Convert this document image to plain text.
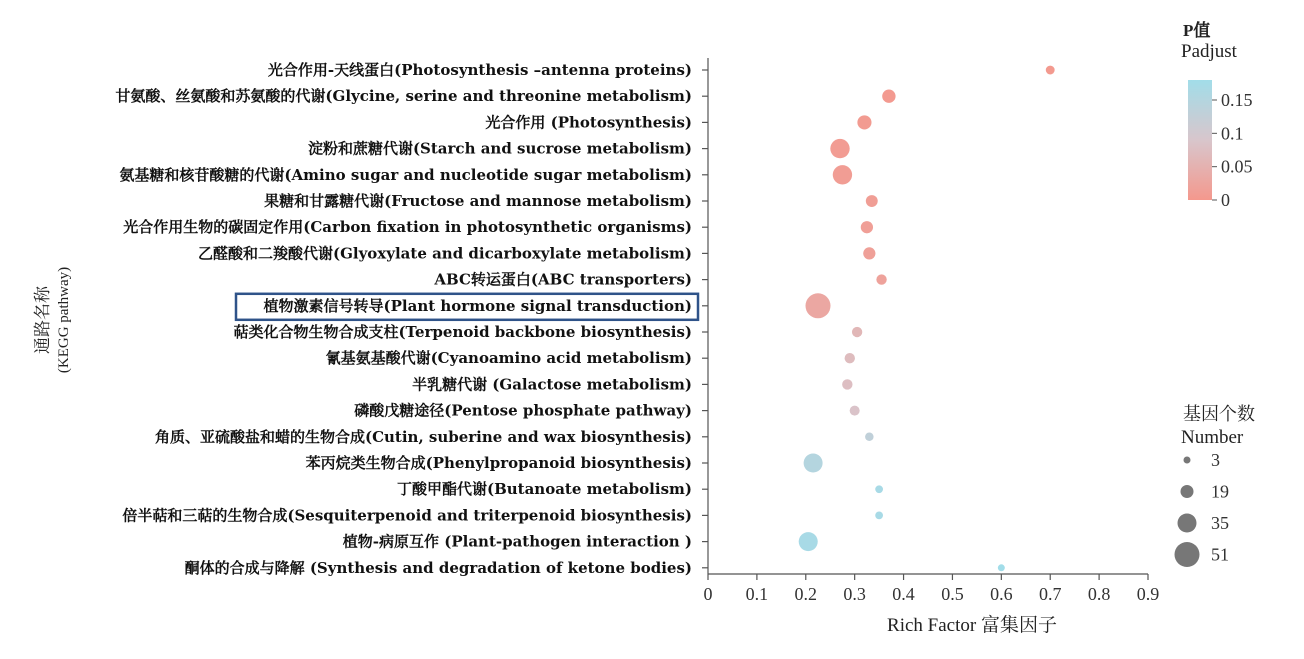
通路名称 (KEGG pathway)
光合作用-天线蛋白(Photosynthesis –antenna proteins)
甘氨酸、丝氨酸和苏氨酸的代谢(Glycine, serine and threonine metabolism)
光合作用 (Photosynthesis)
淀粉和蔗糖代谢(Starch and sucrose metabolism)
氨基糖和核苷酸糖的代谢(Amino sugar and nucleotide sugar metabolism)
果糖和甘露糖代谢(Fructose and mannose metabolism)
光合作用生物的碳固定作用(Carbon fixation in photosynthetic organisms)
乙醛酸和二羧酸代谢(Glyoxylate and dicarboxylate metabolism)
ABC转运蛋白(ABC transporters)
植物激素信号转导(Plant hormone signal transduction)
萜类化合物生物合成支柱(Terpenoid backbone biosynthesis)
氰基氨基酸代谢(Cyanoamino acid metabolism)
半乳糖代谢 (Galactose metabolism)
磷酸戊糖途径(Pentose phosphate pathway)
角质、亚硫酸盐和蜡的生物合成(Cutin, suberine and wax biosynthesis)
苯丙烷类生物合成(Phenylpropanoid biosynthesis)
丁酸甲酯代谢(Butanoate metabolism)
倍半萜和三萜的生物合成(Sesquiterpenoid and triterpenoid biosynthesis)
植物-病原互作 (Plant-pathogen interaction )
酮体的合成与降解 (Synthesis and degradation of ketone bodies)
0 0.1 0.2 0.3 0.4 0.5 0.6 0.7 0.8 0.9
Rich Factor 富集因子
P值
Padjust
0.15
0.1
0.05
0
基因个数
Number
3
19
35
51
